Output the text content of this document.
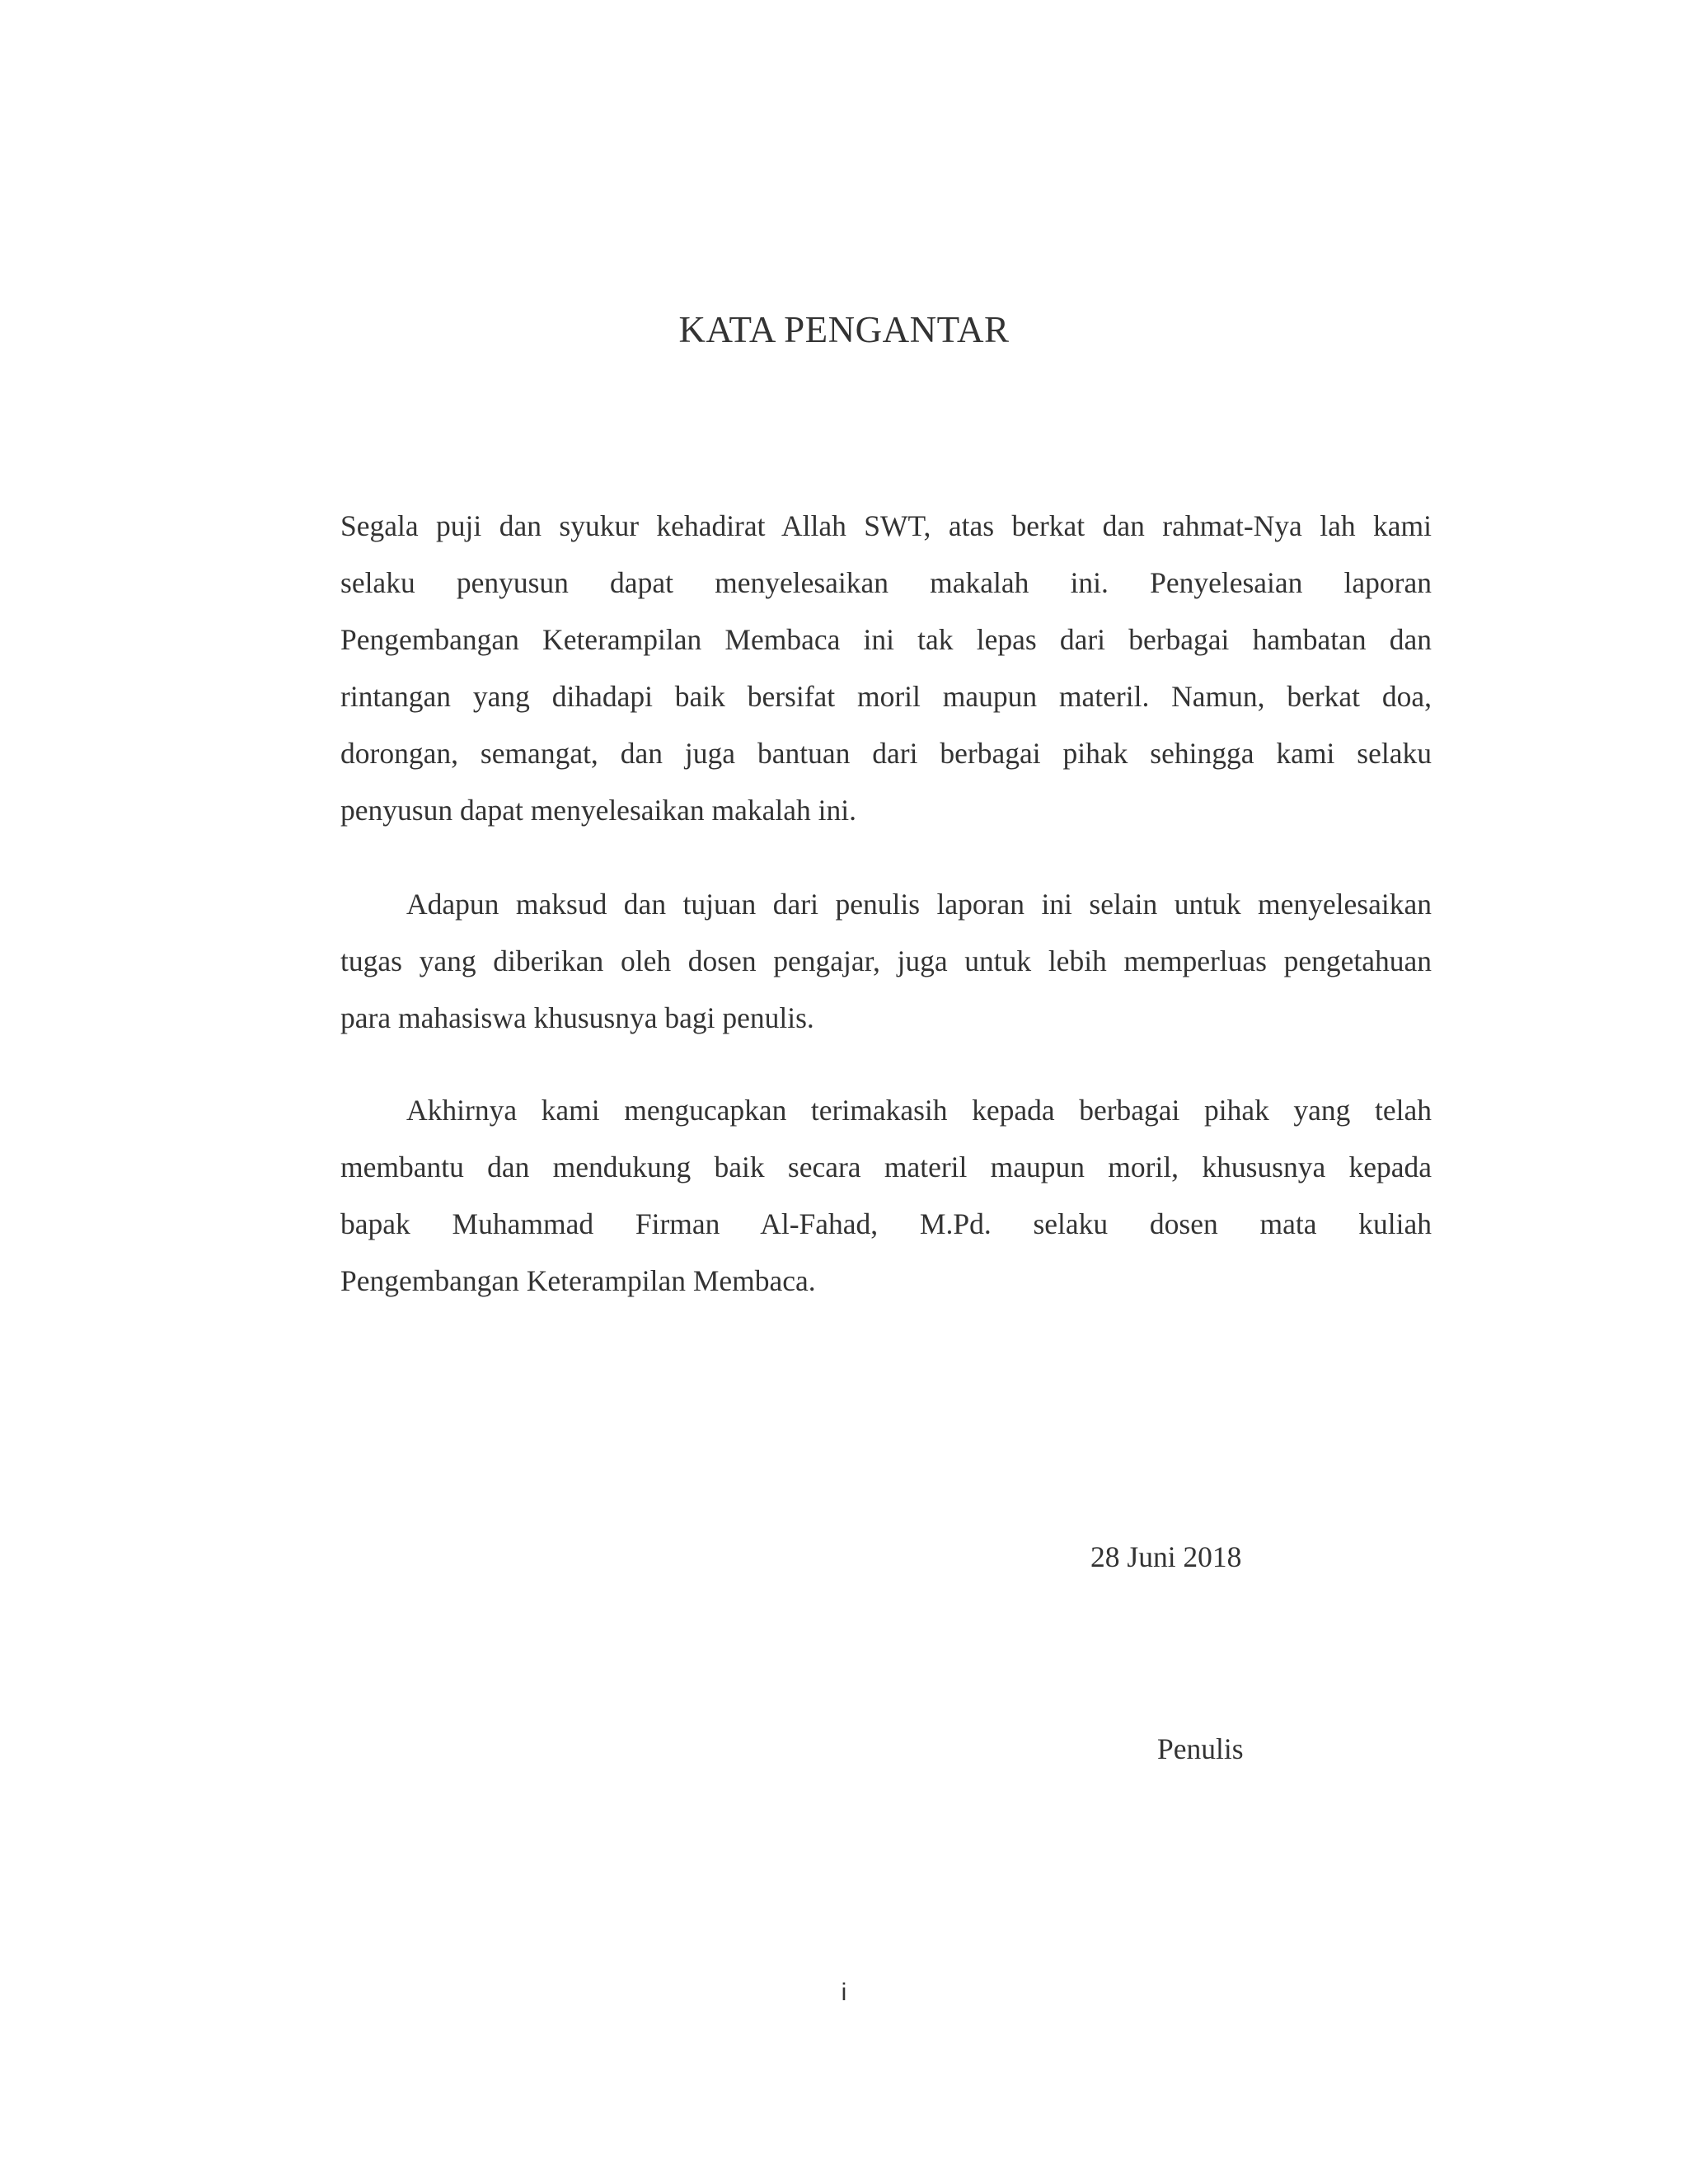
KATA PENGANTAR
Segala puji dan syukur kehadirat Allah SWT, atas berkat dan rahmat-Nya lah kami
selaku penyusun dapat menyelesaikan makalah ini. Penyelesaian laporan
Pengembangan Keterampilan Membaca ini tak lepas dari berbagai hambatan dan
rintangan yang dihadapi baik bersifat moril maupun materil. Namun, berkat doa,
dorongan, semangat, dan juga bantuan dari berbagai pihak sehingga kami selaku
penyusun dapat menyelesaikan makalah ini.
Adapun maksud dan tujuan dari penulis laporan ini selain untuk menyelesaikan
tugas yang diberikan oleh dosen pengajar, juga untuk lebih memperluas pengetahuan
para mahasiswa khususnya bagi penulis.
Akhirnya kami mengucapkan terimakasih kepada berbagai pihak yang telah
membantu dan mendukung baik secara materil maupun moril, khususnya kepada
bapak Muhammad Firman Al-Fahad, M.Pd. selaku dosen mata kuliah
Pengembangan Keterampilan Membaca.
28 Juni 2018
Penulis
i
